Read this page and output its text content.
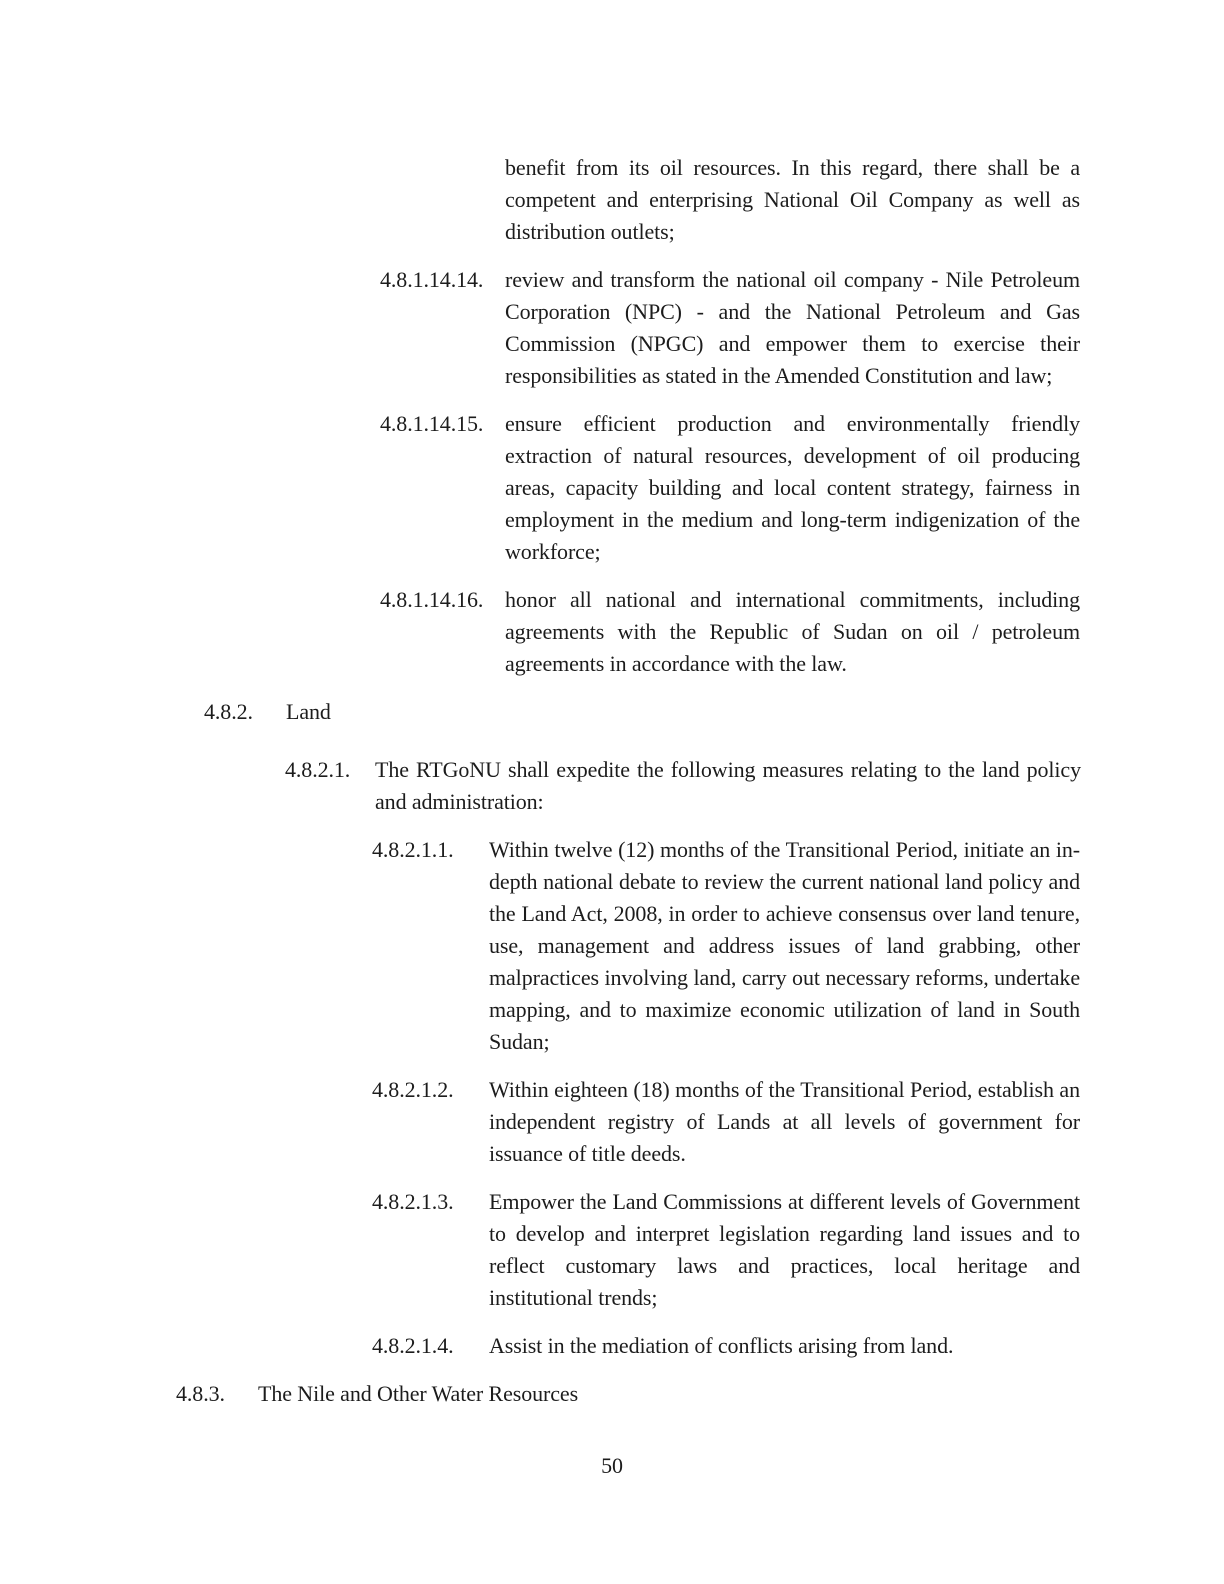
benefit from its oil resources. In this regard, there shall be a competent and enterprising National Oil Company as well as distribution outlets;
4.8.1.14.14. review and transform the national oil company - Nile Petroleum Corporation (NPC) - and the National Petroleum and Gas Commission (NPGC) and empower them to exercise their responsibilities as stated in the Amended Constitution and law;
4.8.1.14.15. ensure efficient production and environmentally friendly extraction of natural resources, development of oil producing areas, capacity building and local content strategy, fairness in employment in the medium and long-term indigenization of the workforce;
4.8.1.14.16. honor all national and international commitments, including agreements with the Republic of Sudan on oil / petroleum agreements in accordance with the law.
4.8.2.	Land
4.8.2.1.	The RTGoNU shall expedite the following measures relating to the land policy and administration:
4.8.2.1.1.	Within twelve (12) months of the Transitional Period, initiate an in-depth national debate to review the current national land policy and the Land Act, 2008, in order to achieve consensus over land tenure, use, management and address issues of land grabbing, other malpractices involving land, carry out necessary reforms, undertake mapping, and to maximize economic utilization of land in South Sudan;
4.8.2.1.2.	Within eighteen (18) months of the Transitional Period, establish an independent registry of Lands at all levels of government for issuance of title deeds.
4.8.2.1.3.	Empower the Land Commissions at different levels of Government to develop and interpret legislation regarding land issues and to reflect customary laws and practices, local heritage and institutional trends;
4.8.2.1.4.	Assist in the mediation of conflicts arising from land.
4.8.3.	The Nile and Other Water Resources
50
